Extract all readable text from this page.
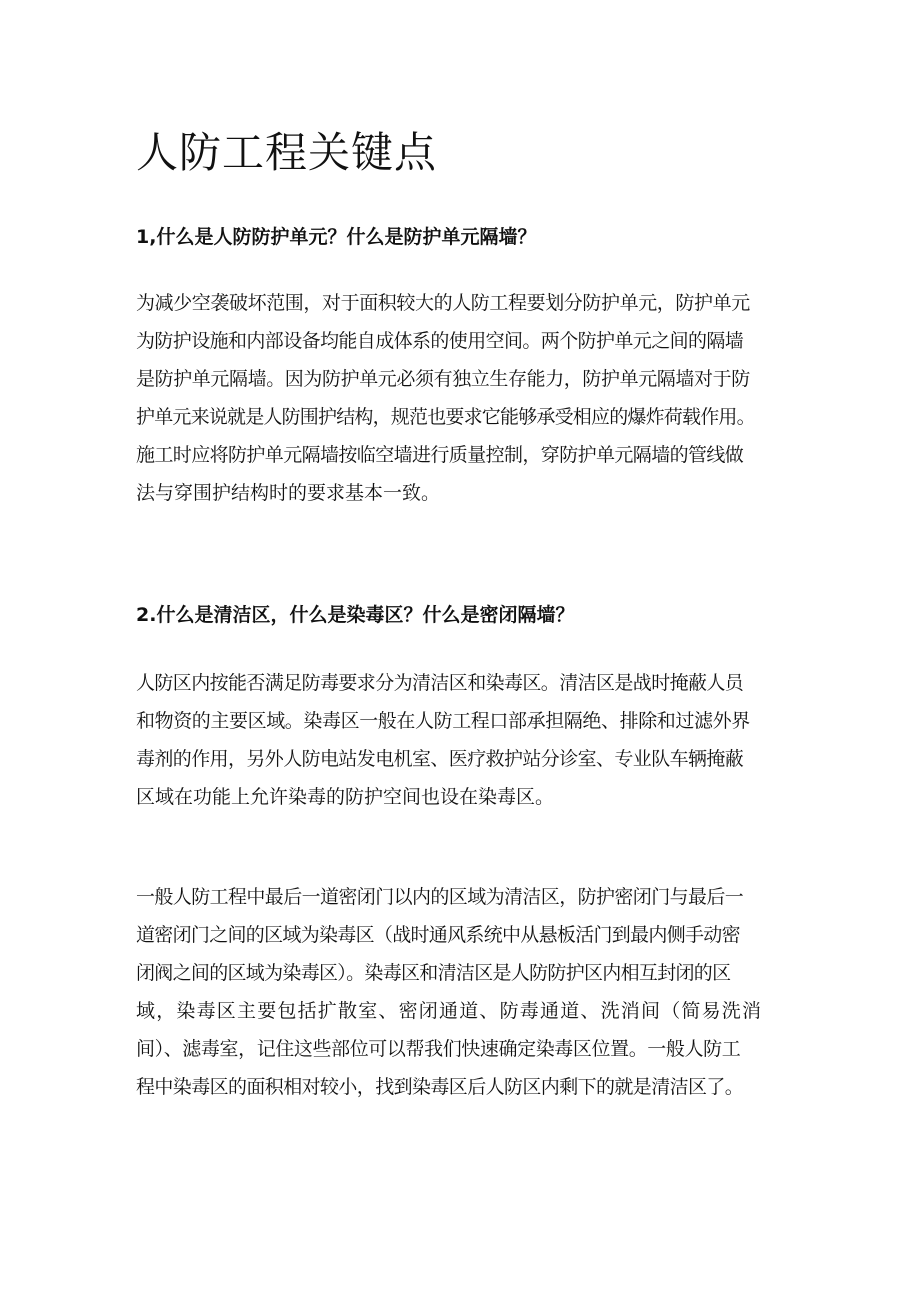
人防工程关键点
1,什么是人防防护单元？什么是防护单元隔墙？
为减少空袭破坏范围，对于面积较大的人防工程要划分防护单元，防护单元
为防护设施和内部设备均能自成体系的使用空间。两个防护单元之间的隔墙
是防护单元隔墙。因为防护单元必须有独立生存能力，防护单元隔墙对于防
护单元来说就是人防围护结构，规范也要求它能够承受相应的爆炸荷载作用。
施工时应将防护单元隔墙按临空墙进行质量控制，穿防护单元隔墙的管线做
法与穿围护结构时的要求基本一致。
2.什么是清洁区，什么是染毒区？什么是密闭隔墙？
人防区内按能否满足防毒要求分为清洁区和染毒区。清洁区是战时掩蔽人员
和物资的主要区域。染毒区一般在人防工程口部承担隔绝、排除和过滤外界
毒剂的作用，另外人防电站发电机室、医疗救护站分诊室、专业队车辆掩蔽
区域在功能上允许染毒的防护空间也设在染毒区。
一般人防工程中最后一道密闭门以内的区域为清洁区，防护密闭门与最后一
道密闭门之间的区域为染毒区（战时通风系统中从悬板活门到最内侧手动密
闭阀之间的区域为染毒区）。染毒区和清洁区是人防防护区内相互封闭的区
域，染毒区主要包括扩散室、密闭通道、防毒通道、洗消间（简易洗消
间）、滤毒室，记住这些部位可以帮我们快速确定染毒区位置。一般人防工
程中染毒区的面积相对较小，找到染毒区后人防区内剩下的就是清洁区了。
